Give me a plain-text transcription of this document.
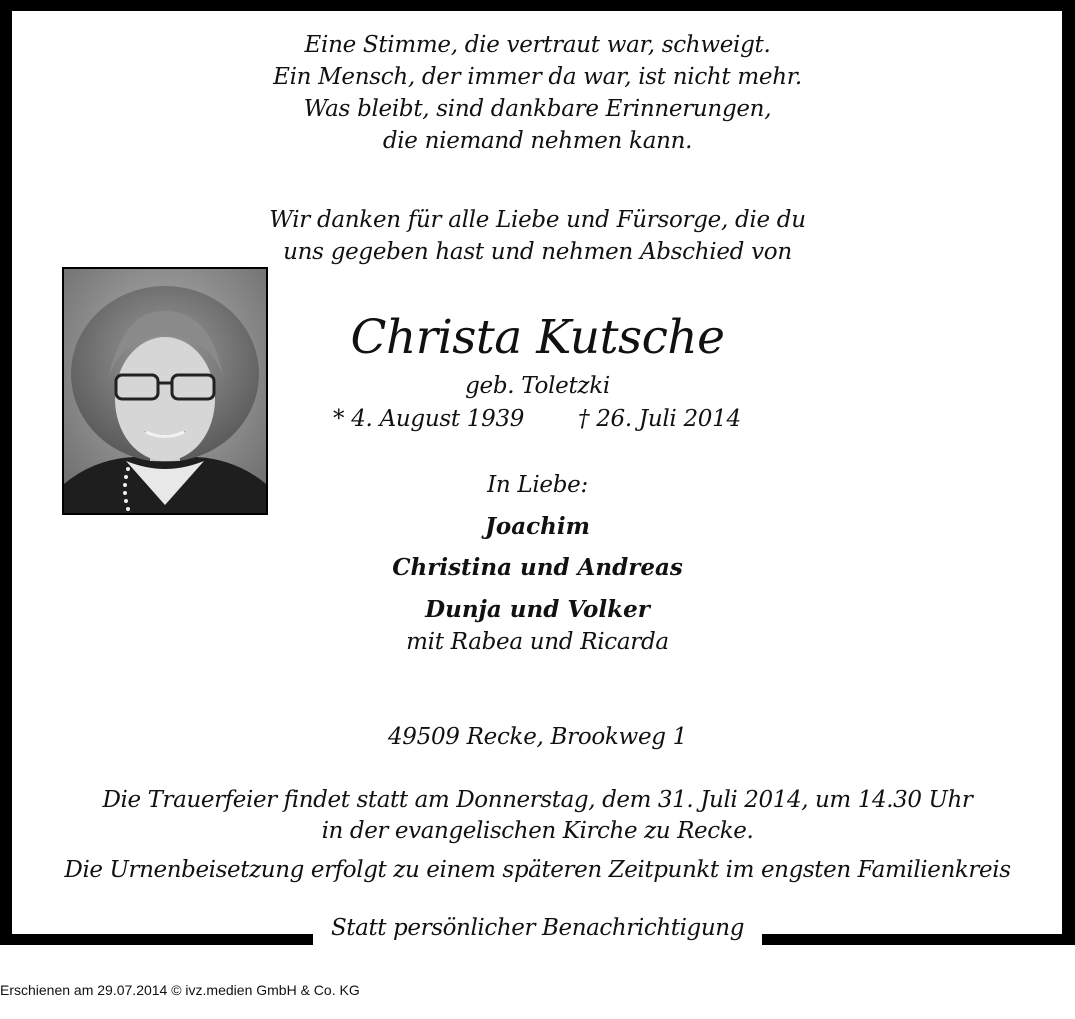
Eine Stimme, die vertraut war, schweigt.
Ein Mensch, der immer da war, ist nicht mehr.
Was bleibt, sind dankbare Erinnerungen,
die niemand nehmen kann.
Wir danken für alle Liebe und Fürsorge, die du
uns gegeben hast und nehmen Abschied von
Christa Kutsche
geb. Toletzki
* 4. August 1939 † 26. Juli 2014
In Liebe:
Joachim
Christina und Andreas
Dunja und Volker
mit Rabea und Ricarda
49509 Recke, Brookweg 1
Die Trauerfeier findet statt am Donnerstag, dem 31. Juli 2014, um 14.30 Uhr
in der evangelischen Kirche zu Recke.
Die Urnenbeisetzung erfolgt zu einem späteren Zeitpunkt im engsten Familienkreis
Statt persönlicher Benachrichtigung
Erschienen am 29.07.2014 © ivz.medien GmbH & Co. KG
